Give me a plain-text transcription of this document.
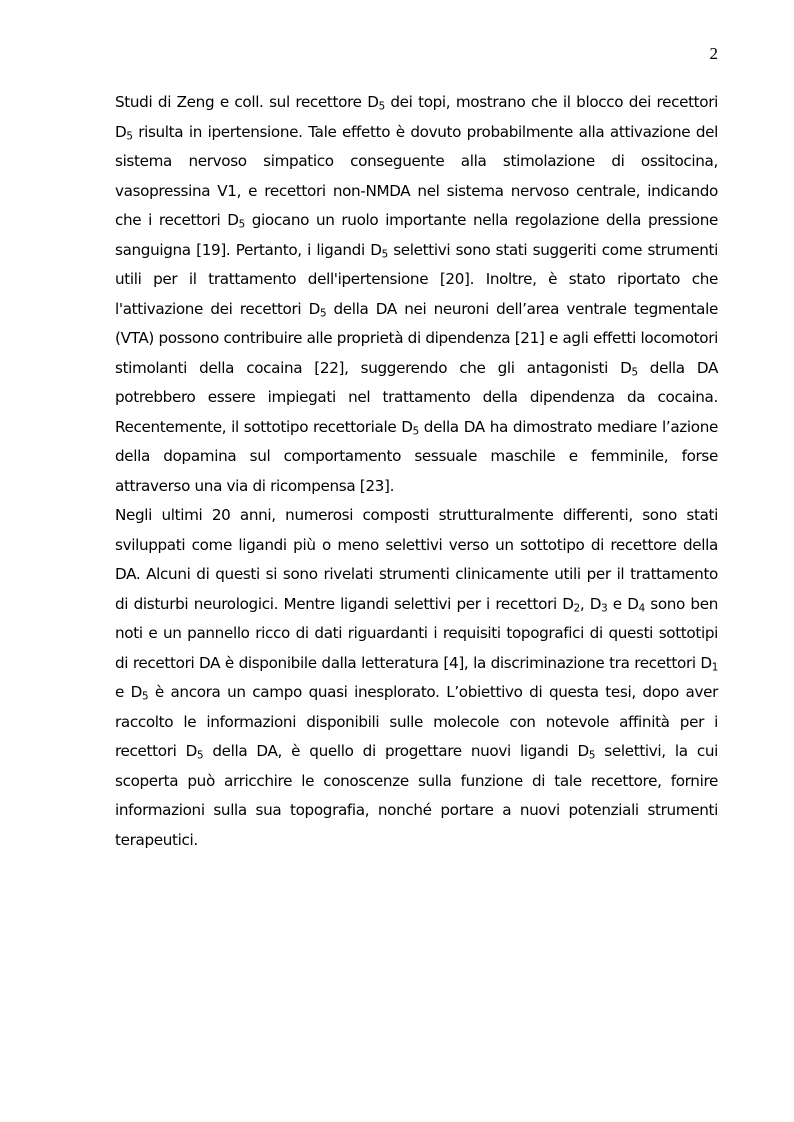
2

Studi di Zeng e coll. sul recettore $D_5$ dei topi, mostrano che il blocco dei recettori $D_5$ risulta in ipertensione. Tale effetto è dovuto probabilmente alla attivazione del sistema nervoso simpatico conseguente alla stimolazione di ossitocina, vasopressina V1, e recettori non-NMDA nel sistema nervoso centrale, indicando che i recettori $D_5$ giocano un ruolo importante nella regolazione della pressione sanguigna [19]. Pertanto, i ligandi $D_5$ selettivi sono stati suggeriti come strumenti utili per il trattamento dell'ipertensione [20]. Inoltre, è stato riportato che l'attivazione dei recettori $D_5$ della DA nei neuroni dell’area ventrale tegmentale (VTA) possono contribuire alle proprietà di dipendenza [21] e agli effetti locomotori stimolanti della cocaina [22], suggerendo che gli antagonisti $D_5$ della DA potrebbero essere impiegati nel trattamento della dipendenza da cocaina. Recentemente, il sottotipo recettoriale $D_5$ della DA ha dimostrato mediare l’azione della dopamina sul comportamento sessuale maschile e femminile, forse attraverso una via di ricompensa [23].

Negli ultimi 20 anni, numerosi composti strutturalmente differenti, sono stati sviluppati come ligandi più o meno selettivi verso un sottotipo di recettore della DA. Alcuni di questi si sono rivelati strumenti clinicamente utili per il trattamento di disturbi neurologici. Mentre ligandi selettivi per i recettori $D_2$, $D_3$ e $D_4$ sono ben noti e un pannello ricco di dati riguardanti i requisiti topografici di questi sottotipi di recettori DA è disponibile dalla letteratura [4], la discriminazione tra recettori $D_1$ e $D_5$ è ancora un campo quasi inesplorato. L’obiettivo di questa tesi, dopo aver raccolto le informazioni disponibili sulle molecole con notevole affinità per i recettori $D_5$ della DA, è quello di progettare nuovi ligandi $D_5$ selettivi, la cui scoperta può arricchire le conoscenze sulla funzione di tale recettore, fornire informazioni sulla sua topografia, nonché portare a nuovi potenziali strumenti terapeutici.
